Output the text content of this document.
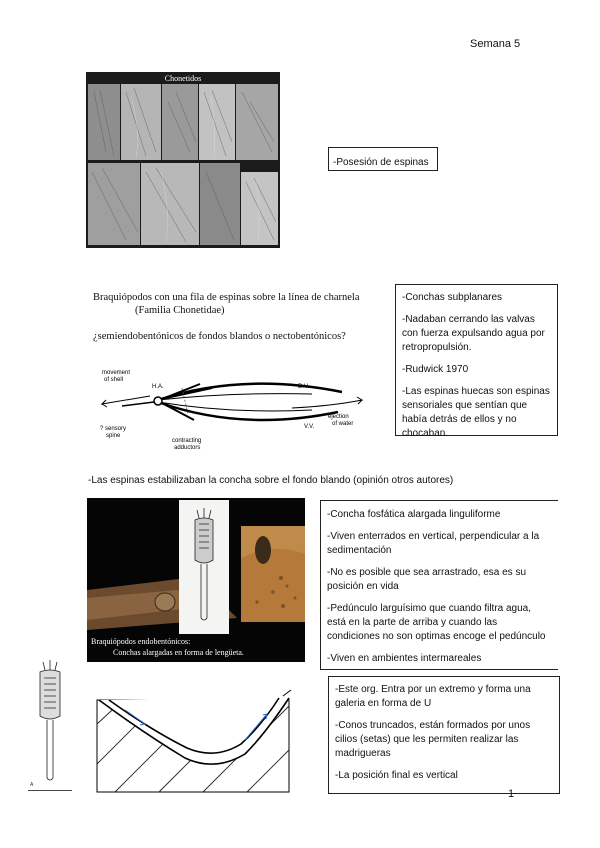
Semana 5
Chonetidos
-Posesión de espinas
Braquiópodos con una fila de espinas sobre la línea de charnela
(Familia Chonetidae)
¿semiendobentónicos de fondos blandos o nectobentónicos?
movement
of shell
H.A.	D.V.
? sensory
spine
contracting
adductors
ejection
of water
V.V.

-Conchas subplanares

-Nadaban cerrando las valvas con fuerza expulsando agua por retropropulsión.

-Rudwick 1970

-Las espinas huecas son espinas sensoriales que sentían que había detrás de ellos y no chocaban.

-Las espinas estabilizaban la concha sobre el fondo blando (opinión otros autores)
Braquiópodos endobentónicos:
Conchas alargadas en forma de lengüeta.

-Concha fosfática alargada linguliforme

-Viven enterrados en vertical, perpendicular a la sedimentación

-No es posible que sea arrastrado, esa es su posición en vida

-Pedúnculo larguísimo que cuando filtra agua, está en la parte de arriba y cuando las condiciones no son optimas encoge el pedúnculo

-Viven en ambientes intermareales

A

-Este org. Entra por un extremo y forma una galeria en forma de U

-Conos truncados, están formados por unos cilios (setas) que les permiten realizar las madrigueras

-La posición final es vertical

1
